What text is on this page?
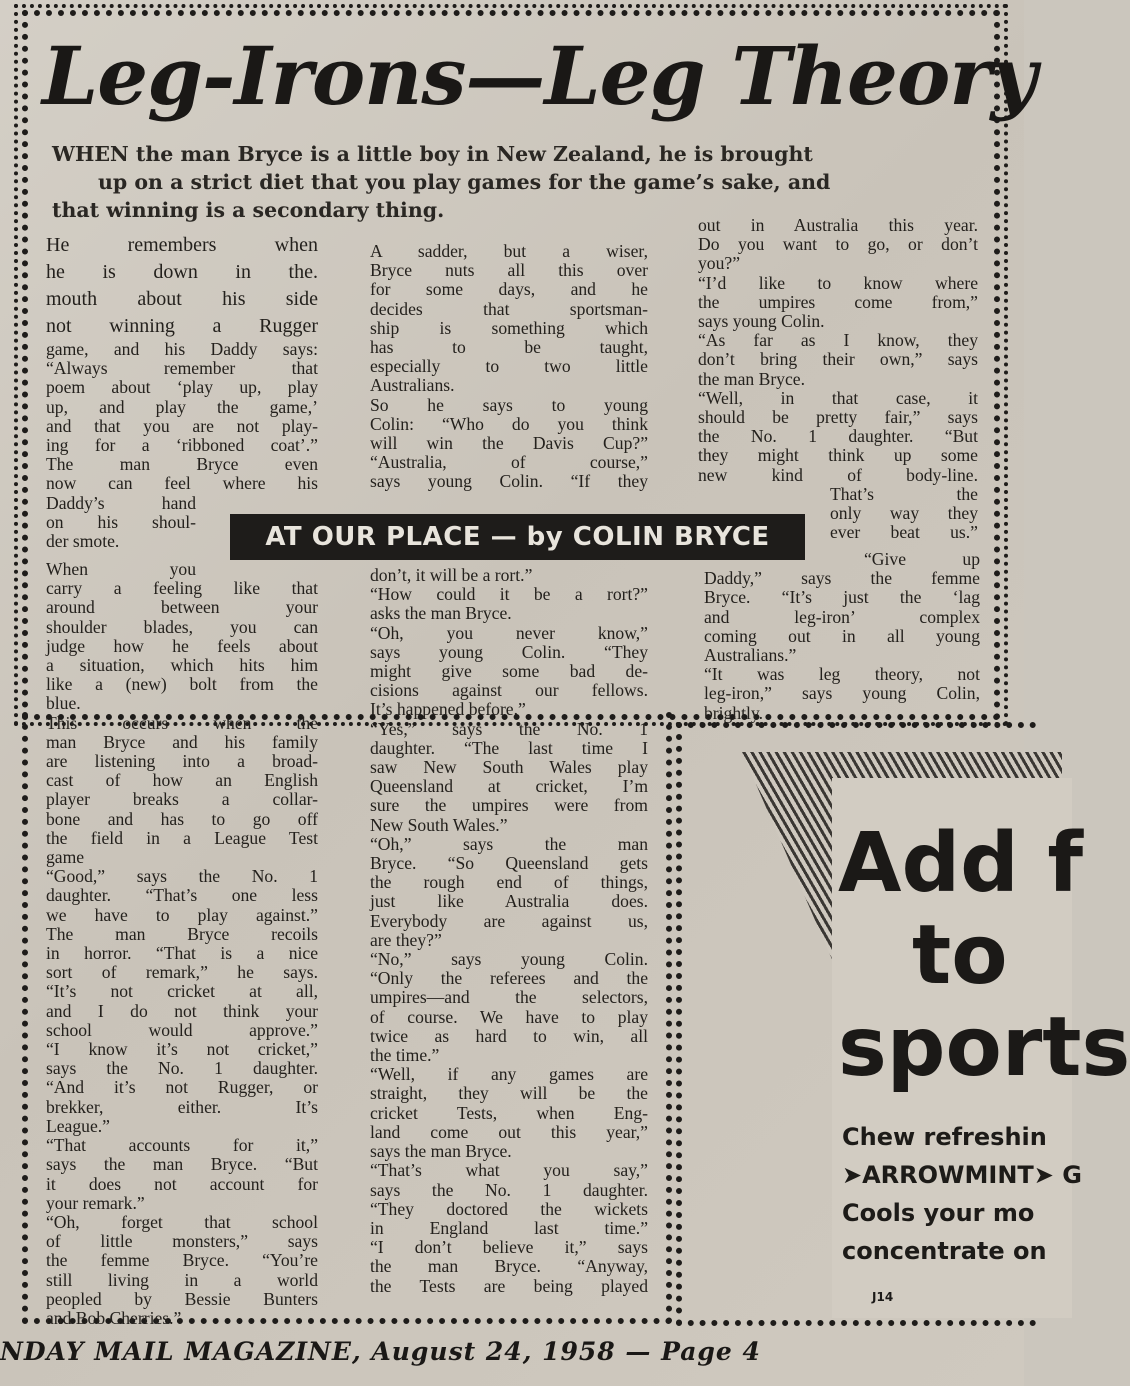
Leg-Irons—Leg Theory
WHEN the man Bryce is a little boy in New Zealand, he is brought
up on a strict diet that you play games for the game’s sake, and
that winning is a secondary thing.
He remembers when
he is down in the.
mouth about his side
not winning a Rugger
game, and his Daddy says:
“Always remember that
poem about ‘play up, play
up, and play the game,’
and that you are not play-
ing for a ‘ribboned coat’.”
The man Bryce even
now can feel where his
Daddy’s hand
on his shoul-
der smote.
When you
carry a feeling like that
around between your
shoulder blades, you can
judge how he feels about
a situation, which hits him
like a (new) bolt from the
blue.
This occurs when the
man Bryce and his family
are listening into a broad-
cast of how an English
player breaks a collar-
bone and has to go off
the field in a League Test
game
“Good,” says the No. 1
daughter. “That’s one less
we have to play against.”
The man Bryce recoils
in horror. “That is a nice
sort of remark,” he says.
“It’s not cricket at all,
and I do not think your
school would approve.”
“I know it’s not cricket,”
says the No. 1 daughter.
“And it’s not Rugger, or
brekker, either. It’s
League.”
“That accounts for it,”
says the man Bryce. “But
it does not account for
your remark.”
“Oh, forget that school
of little monsters,” says
the femme Bryce. “You’re
still living in a world
peopled by Bessie Bunters
and Bob Cherries.”
A sadder, but a wiser,
Bryce nuts all this over
for some days, and he
decides that sportsman-
ship is something which
has to be taught,
especially to two little
Australians.
So he says to young
Colin: “Who do you think
will win the Davis Cup?”
“Australia, of course,”
says young Colin. “If they
don’t, it will be a rort.”
“How could it be a rort?”
asks the man Bryce.
“Oh, you never know,”
says young Colin. “They
might give some bad de-
cisions against our fellows.
It’s happened before.”
“Yes,” says the No. 1
daughter. “The last time I
saw New South Wales play
Queensland at cricket, I’m
sure the umpires were from
New South Wales.”
“Oh,” says the man
Bryce. “So Queensland gets
the rough end of things,
just like Australia does.
Everybody are against us,
are they?”
“No,” says young Colin.
“Only the referees and the
umpires—and the selectors,
of course. We have to play
twice as hard to win, all
the time.”
“Well, if any games are
straight, they will be the
cricket Tests, when Eng-
land come out this year,”
says the man Bryce.
“That’s what you say,”
says the No. 1 daughter.
“They doctored the wickets
in England last time.”
“I don’t believe it,” says
the man Bryce. “Anyway,
the Tests are being played
out in Australia this year.
Do you want to go, or don’t
you?”
“I’d like to know where
the umpires come from,”
says young Colin.
“As far as I know, they
don’t bring their own,” says
the man Bryce.
“Well, in that case, it
should be pretty fair,” says
the No. 1 daughter. “But
they might think up some
new kind of body-line.
That’s the
only way they
ever beat us.”
“Give up
Daddy,” says the femme
Bryce. “It’s just the ‘lag
and leg-iron’ complex
coming out in all young
Australians.”
“It was leg theory, not
leg-iron,” says young Colin,
brightly.
AT OUR PLACE — by COLIN BRYCE
Add f
to
sports
Chew refreshin
➤ARROWMINT➤ G
Cools your mo
concentrate on
J14
NDAY MAIL MAGAZINE, August 24, 1958 — Page 4
